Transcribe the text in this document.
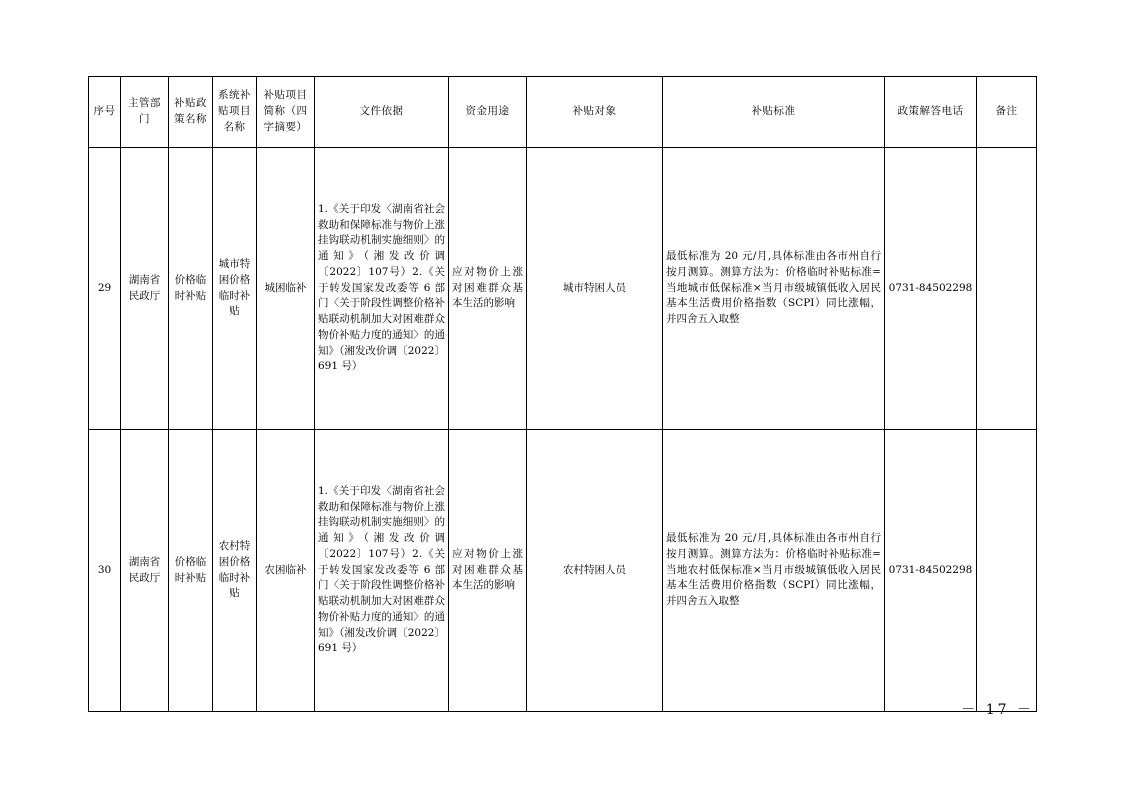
序号	主管部门	补贴政策名称	系统补贴项目名称	补贴项目简称（四字摘要）	文件依据	资金用途	补贴对象	补贴标准	政策解答电话	备注
29	湖南省民政厅	价格临时补贴	城市特困价格临时补贴	城困临补	1.《关于印发〈湖南省社会救助和保障标准与物价上涨挂钩联动机制实施细则〉的通知》（湘发改价调〔2022〕107号）2.《关于转发国家发改委等 6 部门〈关于阶段性调整价格补贴联动机制加大对困难群众物价补贴力度的通知〉的通知》（湘发改价调〔2022〕691 号）	应对物价上涨对困难群众基本生活的影响	城市特困人员	最低标准为 20 元/月,具体标准由各市州自行按月测算。测算方法为：价格临时补贴标准=当地城市低保标准×当月市级城镇低收入居民基本生活费用价格指数（SCPI）同比涨幅，并四舍五入取整	0731-84502298	
30	湖南省民政厅	价格临时补贴	农村特困价格临时补贴	农困临补	1.《关于印发〈湖南省社会救助和保障标准与物价上涨挂钩联动机制实施细则〉的通知》（湘发改价调〔2022〕107号）2.《关于转发国家发改委等 6 部门〈关于阶段性调整价格补贴联动机制加大对困难群众物价补贴力度的通知〉的通知》（湘发改价调〔2022〕691 号）	应对物价上涨对困难群众基本生活的影响	农村特困人员	最低标准为 20 元/月,具体标准由各市州自行按月测算。测算方法为：价格临时补贴标准=当地农村低保标准×当月市级城镇低收入居民基本生活费用价格指数（SCPI）同比涨幅，并四舍五入取整	0731-84502298	
－ 17 －
